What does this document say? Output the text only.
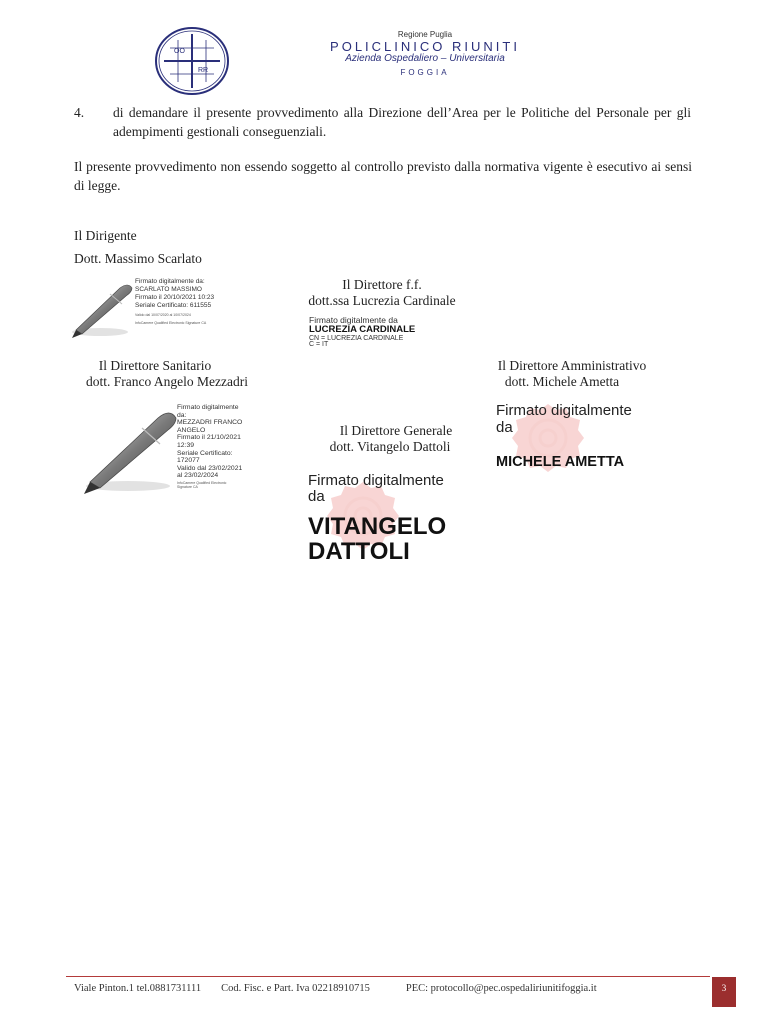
OO
RR
Regione Puglia
POLICLINICO RIUNITI
Azienda Ospedaliero – Universitaria
FOGGIA
4. di demandare il presente provvedimento alla Direzione dell’Area per le Politiche del Personale per gli adempimenti gestionali conseguenziali.
Il presente provvedimento non essendo soggetto al controllo previsto dalla normativa vigente è esecutivo ai sensi di legge.
Il Dirigente
Dott. Massimo Scarlato
Firmato digitalmente da:
SCARLATO MASSIMO
Firmato il 20/10/2021 10:23
Seriale Certificato: 611555
Valido dal 10/07/2020 al 10/07/2024
InfoCamere Qualified Electronic Signature CA
Il Direttore f.f.
dott.ssa Lucrezia Cardinale
Firmato digitalmente da
LUCREZIA CARDINALE
CN = LUCREZIA CARDINALE
C = IT
Il Direttore Sanitario
dott. Franco Angelo Mezzadri
Firmato digitalmente
da:
MEZZADRI FRANCO
ANGELO
Firmato il 21/10/2021
12:39
Seriale Certificato:
172077
Valido dal 23/02/2021
al 23/02/2024
InfoCamere Qualified Electronic
Signature CA
Il Direttore Amministrativo
dott. Michele Ametta
Firmato digitalmente
da
MICHELE AMETTA
Il Direttore Generale
dott. Vitangelo Dattoli
Firmato digitalmente
da
VITANGELO
DATTOLI
Viale Pinton.1 tel.0881731111 Cod. Fisc. e Part. Iva 02218910715	PEC: protocollo@pec.ospedaliriunitifoggia.it	3
